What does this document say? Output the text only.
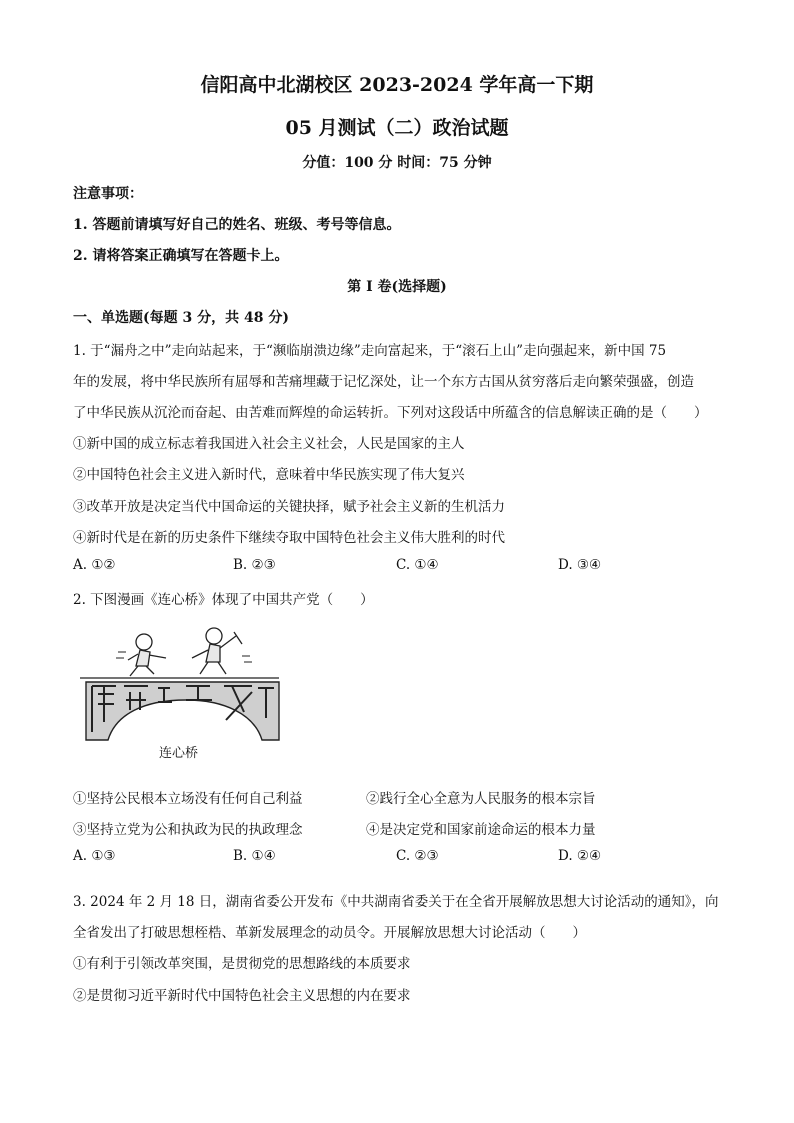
信阳高中北湖校区 2023-2024 学年高一下期
05 月测试（二）政治试题
分值：100 分 时间：75 分钟
注意事项：
1. 答题前请填写好自己的姓名、班级、考号等信息。
2. 请将答案正确填写在答题卡上。
第 I 卷(选择题)
一、单选题(每题 3 分，共 48 分)
1. 于“漏舟之中”走向站起来，于“濒临崩溃边缘”走向富起来，于“滚石上山”走向强起来，新中国 75
年的发展，将中华民族所有屈辱和苦痛埋藏于记忆深处，让一个东方古国从贫穷落后走向繁荣强盛，创造
了中华民族从沉沦而奋起、由苦难而辉煌的命运转折。下列对这段话中所蕴含的信息解读正确的是（　　）
①新中国的成立标志着我国进入社会主义社会，人民是国家的主人
②中国特色社会主义进入新时代，意味着中华民族实现了伟大复兴
③改革开放是决定当代中国命运的关键抉择，赋予社会主义新的生机活力
④新时代是在新的历史条件下继续夺取中国特色社会主义伟大胜利的时代
A. ①②	B. ②③	C. ①④	D. ③④
2. 下图漫画《连心桥》体现了中国共产党（　　）
连心桥
①坚持公民根本立场没有任何自己利益	②践行全心全意为人民服务的根本宗旨
③坚持立党为公和执政为民的执政理念	④是决定党和国家前途命运的根本力量
A. ①③	B. ①④	C. ②③	D. ②④
3. 2024 年 2 月 18 日，湖南省委公开发布《中共湖南省委关于在全省开展解放思想大讨论活动的通知》，向
全省发出了打破思想桎梏、革新发展理念的动员令。开展解放思想大讨论活动（　　）
①有利于引领改革突围，是贯彻党的思想路线的本质要求
②是贯彻习近平新时代中国特色社会主义思想的内在要求
